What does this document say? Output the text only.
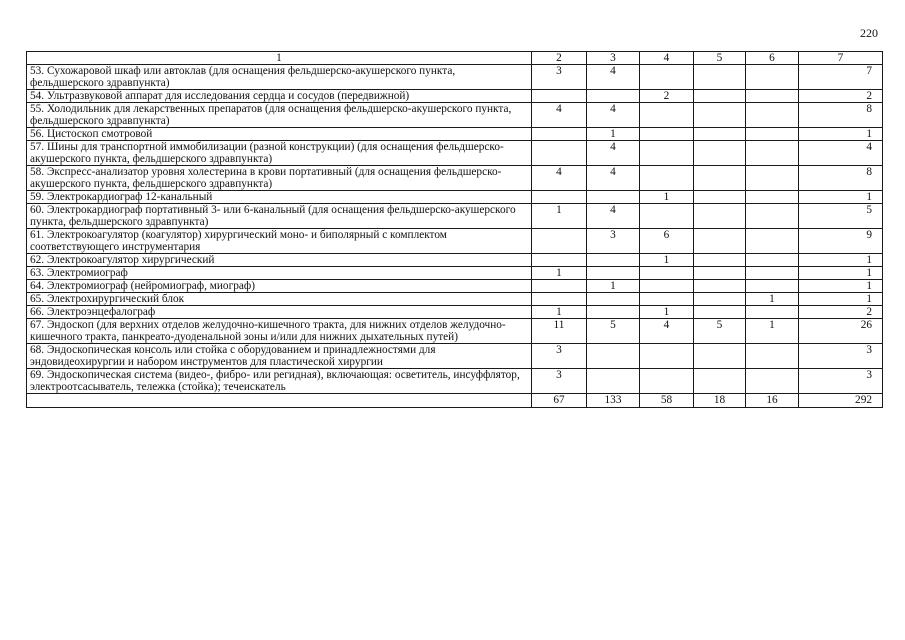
220
1	2	3	4	5	6	7
53. Сухожаровой шкаф или автоклав (для оснащения фельдшерско-акушерского пункта, фельдшерского здравпункта)	3	4				7
54. Ультразвуковой аппарат для исследования сердца и сосудов (передвижной)			2			2
55. Холодильник для лекарственных препаратов (для оснащения фельдшерско-акушерского пункта, фельдшерского здравпункта)	4	4				8
56. Цистоскоп смотровой		1				1
57. Шины для транспортной иммобилизации (разной конструкции) (для оснащения фельдшерско-акушерского пункта, фельдшерского здравпункта)		4				4
58. Экспресс-анализатор уровня холестерина в крови портативный (для оснащения фельдшерско-акушерского пункта, фельдшерского здравпункта)	4	4				8
59. Электрокардиограф 12-канальный			1			1
60. Электрокардиограф портативный 3- или 6-канальный (для оснащения фельдшерско-акушерского пункта, фельдшерского здравпункта)	1	4				5
61. Электрокоагулятор (коагулятор) хирургический моно- и биполярный с комплектом соответствующего инструментария		3	6			9
62. Электрокоагулятор хирургический			1			1
63. Электромиограф	1					1
64. Электромиограф (нейромиограф, миограф)		1				1
65. Электрохирургический блок					1	1
66. Электроэнцефалограф	1		1			2
67. Эндоскоп (для верхних отделов желудочно-кишечного тракта, для нижних отделов желудочно-кишечного тракта, панкреато-дуоденальной зоны и/или для нижних дыхательных путей)	11	5	4	5	1	26
68. Эндоскопическая консоль или стойка с оборудованием и принадлежностями для эндовидеохирургии и набором инструментов для пластической хирургии	3					3
69. Эндоскопическая система (видео-, фибро- или регидная), включающая: осветитель, инсуффлятор, электроотсасыватель, тележка (стойка); течеискатель	3					3
	67	133	58	18	16	292
